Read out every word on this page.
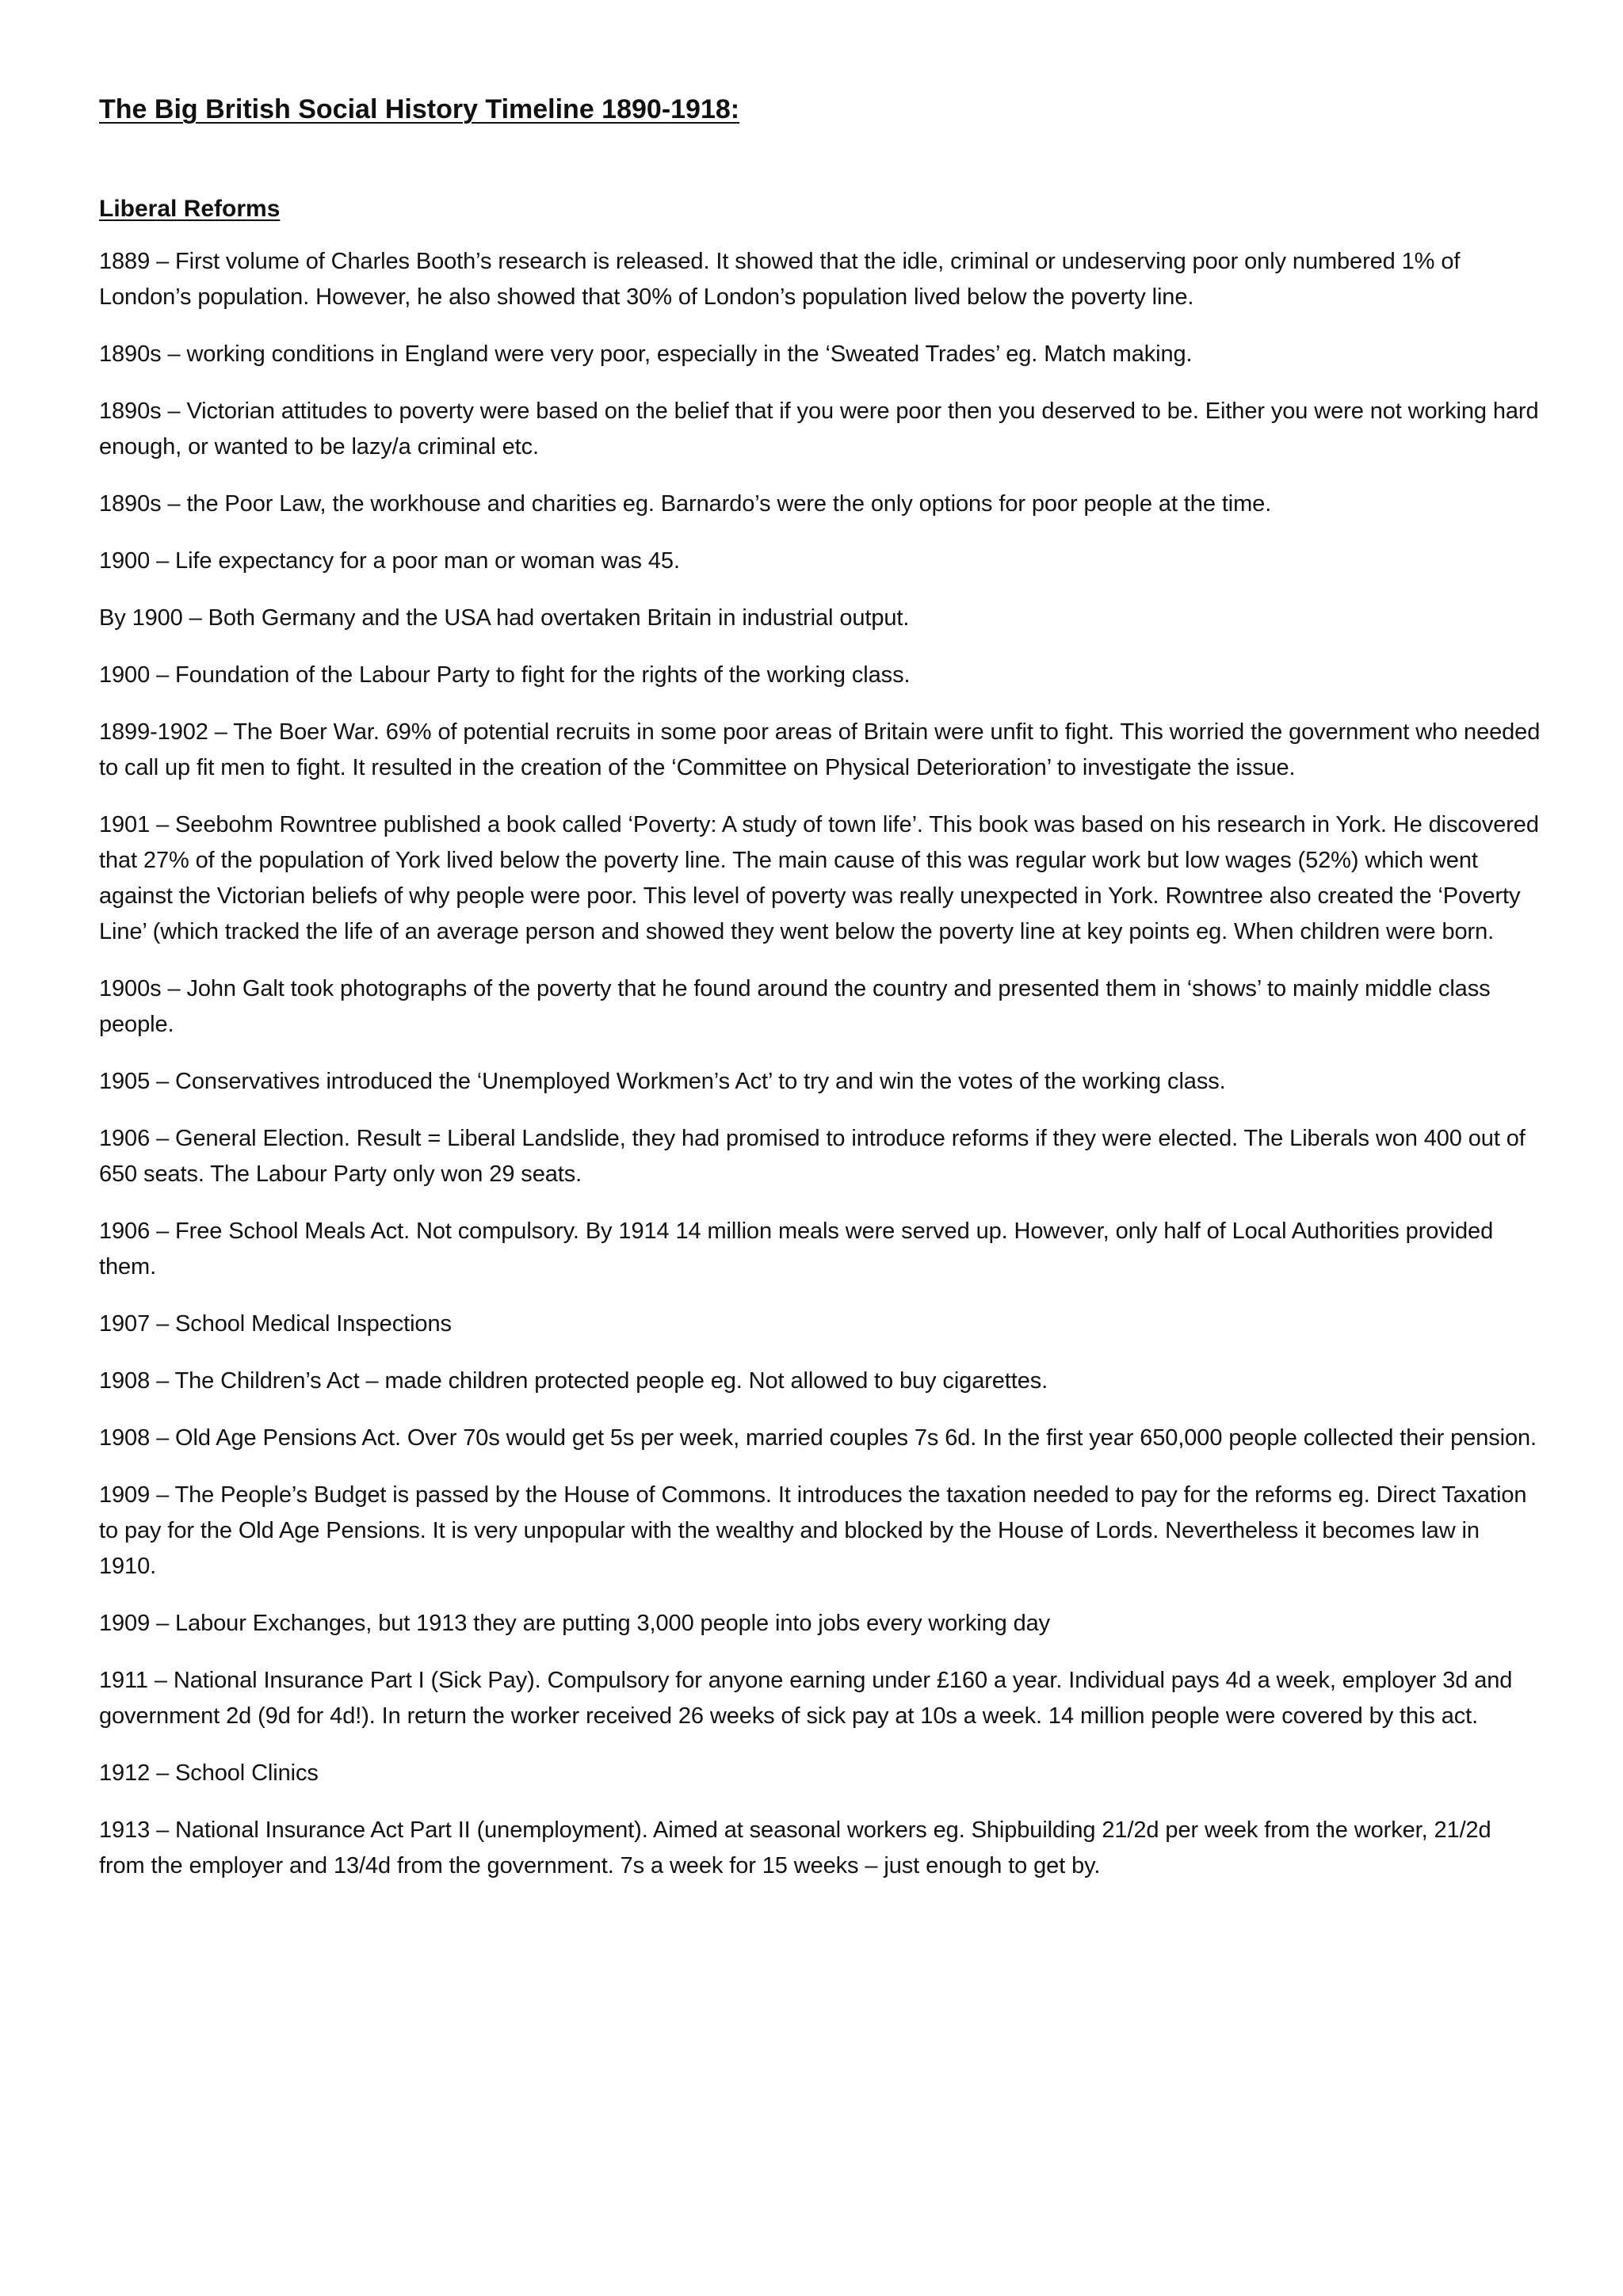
The Big British Social History Timeline 1890-1918:
Liberal Reforms

1889 – First volume of Charles Booth’s research is released. It showed that the idle, criminal or undeserving poor only numbered 1% of London’s population. However, he also showed that 30% of London’s population lived below the poverty line.

1890s – working conditions in England were very poor, especially in the ‘Sweated Trades’ eg. Match making.

1890s – Victorian attitudes to poverty were based on the belief that if you were poor then you deserved to be. Either you were not working hard enough, or wanted to be lazy/a criminal etc.

1890s – the Poor Law, the workhouse and charities eg. Barnardo’s were the only options for poor people at the time.

1900 – Life expectancy for a poor man or woman was 45.

By 1900 – Both Germany and the USA had overtaken Britain in industrial output.

1900 – Foundation of the Labour Party to fight for the rights of the working class.

1899-1902 – The Boer War. 69% of potential recruits in some poor areas of Britain were unfit to fight. This worried the government who needed to call up fit men to fight. It resulted in the creation of the ‘Committee on Physical Deterioration’ to investigate the issue.

1901 – Seebohm Rowntree published a book called ‘Poverty: A study of town life’. This book was based on his research in York. He discovered that 27% of the population of York lived below the poverty line. The main cause of this was regular work but low wages (52%) which went against the Victorian beliefs of why people were poor. This level of poverty was really unexpected in York. Rowntree also created the ‘Poverty Line’ (which tracked the life of an average person and showed they went below the poverty line at key points eg. When children were born.

1900s – John Galt took photographs of the poverty that he found around the country and presented them in ‘shows’ to mainly middle class people.

1905 – Conservatives introduced the ‘Unemployed Workmen’s Act’ to try and win the votes of the working class.

1906 – General Election. Result = Liberal Landslide, they had promised to introduce reforms if they were elected. The Liberals won 400 out of 650 seats. The Labour Party only won 29 seats.

1906 – Free School Meals Act. Not compulsory. By 1914 14 million meals were served up. However, only half of Local Authorities provided them.

1907 – School Medical Inspections

1908 – The Children’s Act – made children protected people eg. Not allowed to buy cigarettes.

1908 – Old Age Pensions Act. Over 70s would get 5s per week, married couples 7s 6d. In the first year 650,000 people collected their pension.

1909 – The People’s Budget is passed by the House of Commons. It introduces the taxation needed to pay for the reforms eg. Direct Taxation to pay for the Old Age Pensions. It is very unpopular with the wealthy and blocked by the House of Lords. Nevertheless it becomes law in 1910.

1909 – Labour Exchanges, but 1913 they are putting 3,000 people into jobs every working day

1911 – National Insurance Part I (Sick Pay). Compulsory for anyone earning under £160 a year. Individual pays 4d a week, employer 3d and government 2d (9d for 4d!). In return the worker received 26 weeks of sick pay at 10s a week. 14 million people were covered by this act.

1912 – School Clinics

1913 – National Insurance Act Part II (unemployment). Aimed at seasonal workers eg. Shipbuilding 21/2d per week from the worker, 21/2d from the employer and 13/4d from the government. 7s a week for 15 weeks – just enough to get by.
